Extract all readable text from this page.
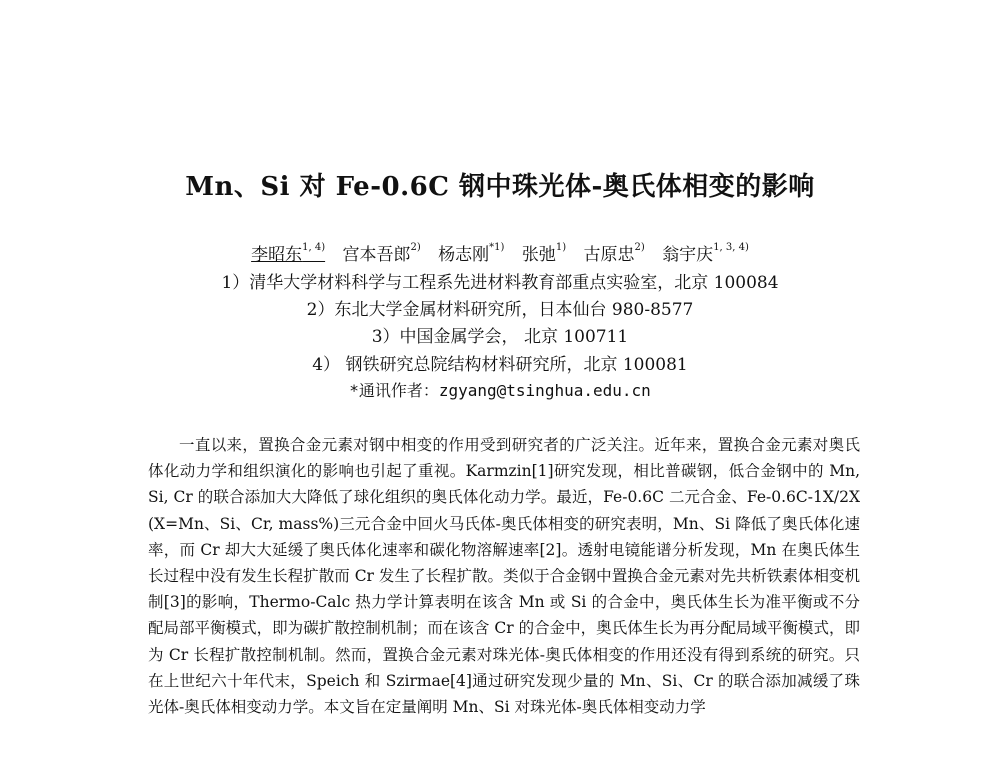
Mn、Si 对 Fe-0.6C 钢中珠光体-奥氏体相变的影响
李昭东$^{1, 4)}$ 宫本吾郎$^{2)}$ 杨志刚$^{*1)}$ 张弛$^{1)}$ 古原忠$^{2)}$ 翁宇庆$^{1, 3, 4)}$
1）清华大学材料科学与工程系先进材料教育部重点实验室，北京 100084
2）东北大学金属材料研究所，日本仙台 980-8577
3）中国金属学会， 北京 100711
4） 钢铁研究总院结构材料研究所，北京 100081
*通讯作者：zgyang@tsinghua.edu.cn

一直以来，置换合金元素对钢中相变的作用受到研究者的广泛关注。近年来，置换合金元素对奥氏体化动力学和组织演化的影响也引起了重视。Karmzin[1]研究发现，相比普碳钢，低合金钢中的 Mn, Si, Cr 的联合添加大大降低了球化组织的奥氏体化动力学。最近，Fe-0.6C 二元合金、Fe-0.6C-1X/2X (X=Mn、Si、Cr, mass%)三元合金中回火马氏体-奥氏体相变的研究表明，Mn、Si 降低了奥氏体化速率，而 Cr 却大大延缓了奥氏体化速率和碳化物溶解速率[2]。透射电镜能谱分析发现，Mn 在奥氏体生长过程中没有发生长程扩散而 Cr 发生了长程扩散。类似于合金钢中置换合金元素对先共析铁素体相变机制[3]的影响，Thermo-Calc 热力学计算表明在该含 Mn 或 Si 的合金中，奥氏体生长为准平衡或不分配局部平衡模式，即为碳扩散控制机制；而在该含 Cr 的合金中，奥氏体生长为再分配局域平衡模式，即为 Cr 长程扩散控制机制。然而，置换合金元素对珠光体-奥氏体相变的作用还没有得到系统的研究。只在上世纪六十年代末，Speich 和 Szirmae[4]通过研究发现少量的 Mn、Si、Cr 的联合添加减缓了珠光体-奥氏体相变动力学。本文旨在定量阐明 Mn、Si 对珠光体-奥氏体相变动力学
